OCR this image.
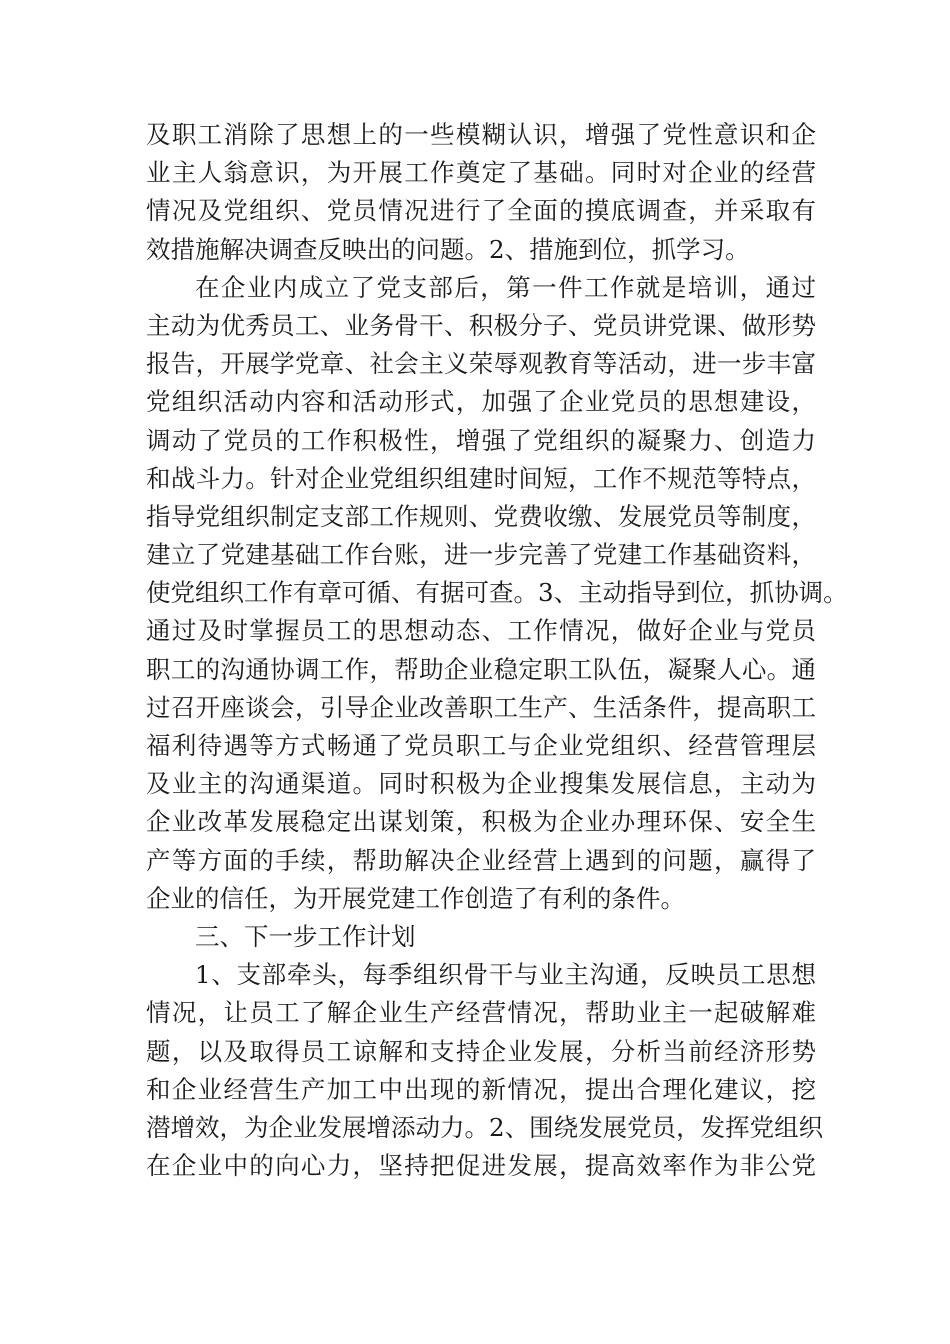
及职工消除了思想上的一些模糊认识，增强了党性意识和企
业主人翁意识，为开展工作奠定了基础。同时对企业的经营
情况及党组织、党员情况进行了全面的摸底调查，并采取有
效措施解决调查反映出的问题。2、措施到位，抓学习。
在企业内成立了党支部后，第一件工作就是培训，通过
主动为优秀员工、业务骨干、积极分子、党员讲党课、做形势
报告，开展学党章、社会主义荣辱观教育等活动，进一步丰富
党组织活动内容和活动形式，加强了企业党员的思想建设，
调动了党员的工作积极性，增强了党组织的凝聚力、创造力
和战斗力。针对企业党组织组建时间短，工作不规范等特点，
指导党组织制定支部工作规则、党费收缴、发展党员等制度，
建立了党建基础工作台账，进一步完善了党建工作基础资料，
使党组织工作有章可循、有据可查。3、主动指导到位，抓协调。
通过及时掌握员工的思想动态、工作情况，做好企业与党员
职工的沟通协调工作，帮助企业稳定职工队伍，凝聚人心。通
过召开座谈会，引导企业改善职工生产、生活条件，提高职工
福利待遇等方式畅通了党员职工与企业党组织、经营管理层
及业主的沟通渠道。同时积极为企业搜集发展信息，主动为
企业改革发展稳定出谋划策，积极为企业办理环保、安全生
产等方面的手续，帮助解决企业经营上遇到的问题，赢得了
企业的信任，为开展党建工作创造了有利的条件。
三、下一步工作计划
1、支部牵头，每季组织骨干与业主沟通，反映员工思想
情况，让员工了解企业生产经营情况，帮助业主一起破解难
题，以及取得员工谅解和支持企业发展，分析当前经济形势
和企业经营生产加工中出现的新情况，提出合理化建议，挖
潜增效，为企业发展增添动力。2、围绕发展党员，发挥党组织
在企业中的向心力，坚持把促进发展，提高效率作为非公党
